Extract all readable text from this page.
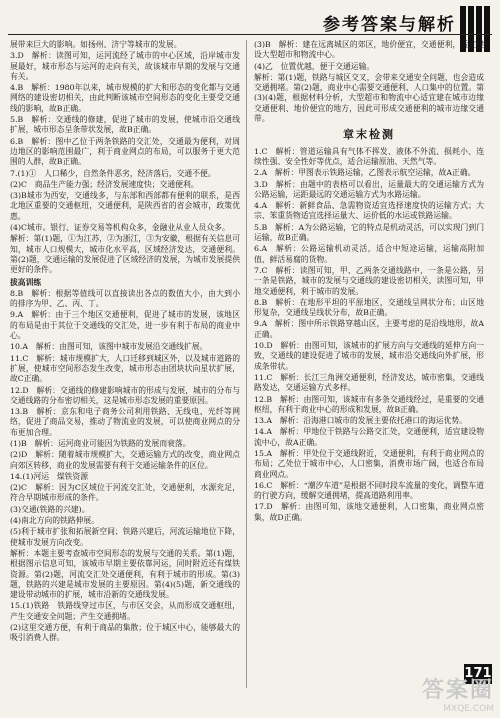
参考答案与解析

展带来巨大的影响。如扬州、济宁等城市的发展。

3.D　解析：读图可知，运河流经了城市的中心区域，沿岸城市发展最好，城市形态与运河的走向有关，故该城市早期的发展与交通有关。

4.B　解析：1980年以来，城市规模的扩大和形态的变化都与交通网络的建设密切相关，由此判断该城市空间形态的变化主要受交通线的影响，故B正确。

5.B　解析：交通线的修建，促进了城市的发展，使城市沿交通线扩展，城市形态呈条带状发展，故B正确。

6.B　解析：图中乙位于两条铁路的交汇处，交通最为便利，对周边地区的影响范围最广，利于商业网点的布局，可以服务于更大范围的人群，故B正确。

7.(1)①　人口稀少，自然条件恶劣，经济落后，交通不便。

(2)C　商品生产能力强；经济发展速度快；交通便利。

(3)B城市为西安，交通线多，与东部和西部都有便利的联系，是西北地区重要的交通枢纽，交通便利，是陕西省的省会城市，政策优惠。

(4)C城市。银行、证券交易等机构众多，金融业从业人员众多。

解析：第(1)题，①为江苏，②为浙江，③为安徽，根据有关信息可知，城市人口规模大，城市化水平高，区域经济发达，交通便利。第(2)题，交通运输的发展促进了区域经济的发展，为城市发展提供更好的条件。

拔高训练

8.B　解析：根据等值线可以直接读出各点的数值大小，由大到小的排序为甲、乙、丙、丁。

9.A　解析：由于三个地区交通便利，促进了城市的发展，该地区的布局是由于其位于交通线的交汇处，进一步有利于布局的商业中心。

10.A　解析：由图可知，该图中城市发展沿交通线扩展。

11.C　解析：城市规模扩大，人口迁移到城区外，以及城市道路的扩展，使城市空间形态发生改变，城市形态由团块状向星状扩展，故C正确。

12.D　解析：交通线的修建影响城市的形成与发展，城市的分布与交通线路的分布密切相关，这是城市形态发展的重要原因。

13.B　解析：京东和电子商务公司利用铁路、无线电、光纤等网络，促进了商品交易，推动了物流业的发展，可以使商业网点的分布更加合理。

(1)B　解析：运河商业可能因为铁路的发展而衰落。

(2)D　解析：随着城市规模扩大，交通运输方式的改变，商业网点向郊区转移，商业的发展需要有利于交通运输条件的区位。

14.(1)河运　煤铁资源

(2)C　解析：因为C区域位于河流交汇处，交通便利，水源充足，符合早期城市形成的条件。

(3)交通(铁路的兴建)。

(4)南北方向的铁路伸展。

(5)利于城市扩张和拓展新空间；铁路兴建后，河流运输地位下降，使城市发展方向改变。

解析：本题主要考查城市空间形态的发展与交通的关系。第(1)题，根据图示信息可知，该城市早期主要依靠河运，同时附近还有煤铁资源。第(2)题，河流交汇处交通便利，有利于城市的形成。第(3)题，铁路的兴建是城市发展的主要原因。第(4)(5)题，新交通线的建设带动城市的扩展，城市沿新的交通线发展。

15.(1)铁路　铁路线穿过市区，与市区交会，从而形成交通枢纽，产生交通安全问题；产生交通拥堵。

(2)这里交通方便，有利于商品的集散；位于城区中心，能够最大的吸引消费人群。

(3)B　解析：建在远离城区的郊区，地价便宜，交通便利，适宜建设大型超市和物流中心。

(4)乙　位置优越，便于交通运输。

解析：第(1)题，铁路与城区交叉，会带来交通安全问题，也会造成交通拥堵。第(2)题，商业中心需要交通便利、人口集中的位置。第(3)(4)题，根据材料分析，大型超市和物流中心适宜建在城市边缘交通便利、地价便宜的地方，因此可形成交通便利的城市边缘交通带。

章末检测

1.C　解析：管道运输具有气体不挥发、液体不外流、损耗小、连续性强、安全性好等优点，适合运输原油、天然气等。

2.A　解析：甲图表示铁路运输，乙图表示航空运输，故A正确。

3.D　解析：由题中的表格可以看出，运量最大的交通运输方式为公路运输，运距最远的交通运输方式为水路运输。

4.A　解析：新鲜食品、急需物资适宜选择速度快的运输方式；大宗、笨重货物适宜选择运量大、运价低的水运或铁路运输。

5.B　解析：A为公路运输，它的特点是机动灵活，可以实现门到门运输，故B正确。

6.A　解析：公路运输机动灵活，适合中短途运输，运输高附加值、鲜活易腐的货物。

7.C　解析：读图可知，甲、乙两条交通线路中，一条是公路，另一条是铁路，城市的发展与交通线的建设密切相关，读图可知，甲地交通便利，利于城市的发展。

8.B　解析：在地形平坦的平原地区，交通线呈网状分布；山区地形复杂，交通线呈线状分布，故B正确。

9.A　解析：图中所示铁路穿越山区，主要考虑的是沿线地形，故A正确。

10.D　解析：由图可知，该城市的扩展方向与交通线的延伸方向一致，交通线的建设促进了城市的发展，城市沿交通线向外扩展，形成条带状。

11.C　解析：长江三角洲交通便利，经济发达，城市密集，交通线路发达，交通运输方式多样。

12.B　解析：由图可知，该城市有多条交通线经过，是重要的交通枢纽，有利于商业中心的形成和发展，故B正确。

13.A　解析：沿海港口城市的发展主要依托港口的海运优势。

14.A　解析：甲地位于铁路与公路交汇处，交通便利，适宜建设物流中心，故A正确。

15.A　解析：甲处位于交通线附近，交通便利，有利于商业网点的布局；乙处位于城市中心，人口密集，消费市场广阔，也适合布局商业网点。

16.C　解析：“潮汐车道”是根据不同时段车流量的变化，调整车道的行驶方向，缓解交通拥堵，提高道路利用率。

17.D　解析：由图可知，该地交通便利，人口密集，商业网点密集，故D正确。

171
答案圈
MXQE.COM
